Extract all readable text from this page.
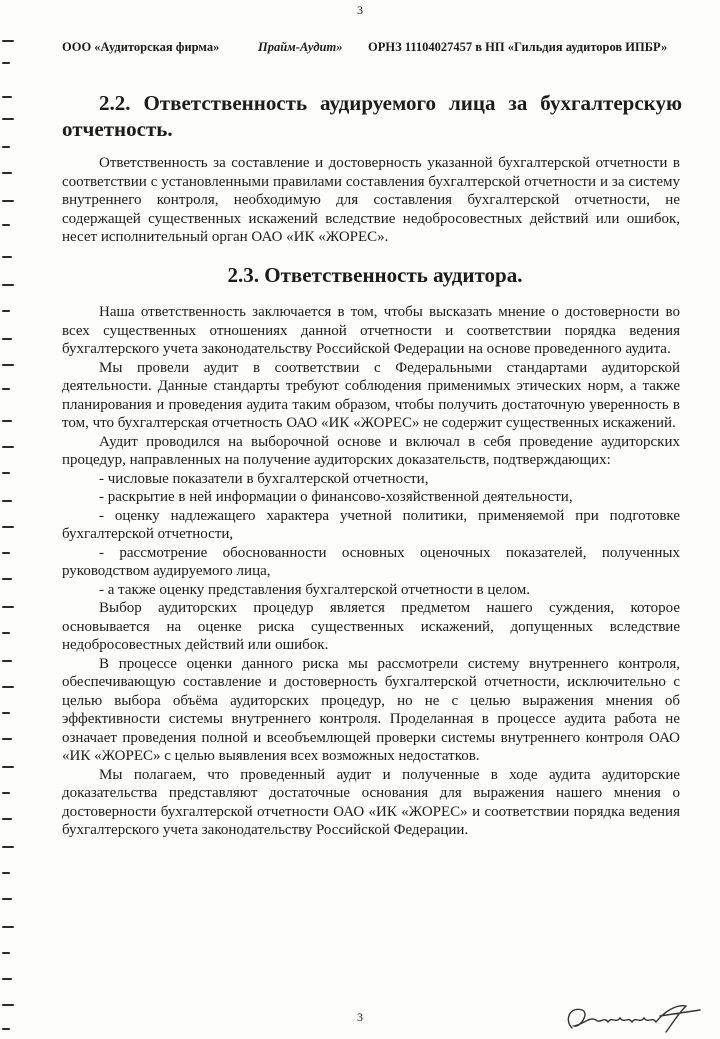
3
ООО «Аудиторская фирма»	Прайм-Аудит» ОРНЗ 11104027457 в НП «Гильдия аудиторов ИПБР»
2.2. Ответственность аудируемого лица за бухгалтерскую отчетность.

Ответственность за составление и достоверность указанной бухгалтерской отчетности в соответствии с установленными правилами составления бухгалтерской отчетности и за систему внутреннего контроля, необходимую для составления бухгалтерской отчетности, не содержащей существенных искажений вследствие недобросовестных действий или ошибок, несет исполнительный орган ОАО «ИК «ЖОРЕС».

2.3. Ответственность аудитора.

Наша ответственность заключается в том, чтобы высказать мнение о достоверности во всех существенных отношениях данной отчетности и соответствии порядка ведения бухгалтерского учета законодательству Российской Федерации на основе проведенного аудита.

Мы провели аудит в соответствии с Федеральными стандартами аудиторской деятельности. Данные стандарты требуют соблюдения применимых этических норм, а также планирования и проведения аудита таким образом, чтобы получить достаточную уверенность в том, что бухгалтерская отчетность ОАО «ИК «ЖОРЕС» не содержит существенных искажений.

Аудит проводился на выборочной основе и включал в себя проведение аудиторских процедур, направленных на получение аудиторских доказательств, подтверждающих:

- числовые показатели в бухгалтерской отчетности,

- раскрытие в ней информации о финансово-хозяйственной деятельности,

- оценку надлежащего характера учетной политики, применяемой при подготовке бухгалтерской отчетности,

- рассмотрение обоснованности основных оценочных показателей, полученных руководством аудируемого лица,

- а также оценку представления бухгалтерской отчетности в целом.

Выбор аудиторских процедур является предметом нашего суждения, которое основывается на оценке риска существенных искажений, допущенных вследствие недобросовестных действий или ошибок.

В процессе оценки данного риска мы рассмотрели систему внутреннего контроля, обеспечивающую составление и достоверность бухгалтерской отчетности, исключительно с целью выбора объёма аудиторских процедур, но не с целью выражения мнения об эффективности системы внутреннего контроля. Проделанная в процессе аудита работа не означает проведения полной и всеобъемлющей проверки системы внутреннего контроля ОАО «ИК «ЖОРЕС» с целью выявления всех возможных недостатков.

Мы полагаем, что проведенный аудит и полученные в ходе аудита аудиторские доказательства представляют достаточные основания для выражения нашего мнения о достоверности бухгалтерской отчетности ОАО «ИК «ЖОРЕС» и соответствии порядка ведения бухгалтерского учета законодательству Российской Федерации.

3
